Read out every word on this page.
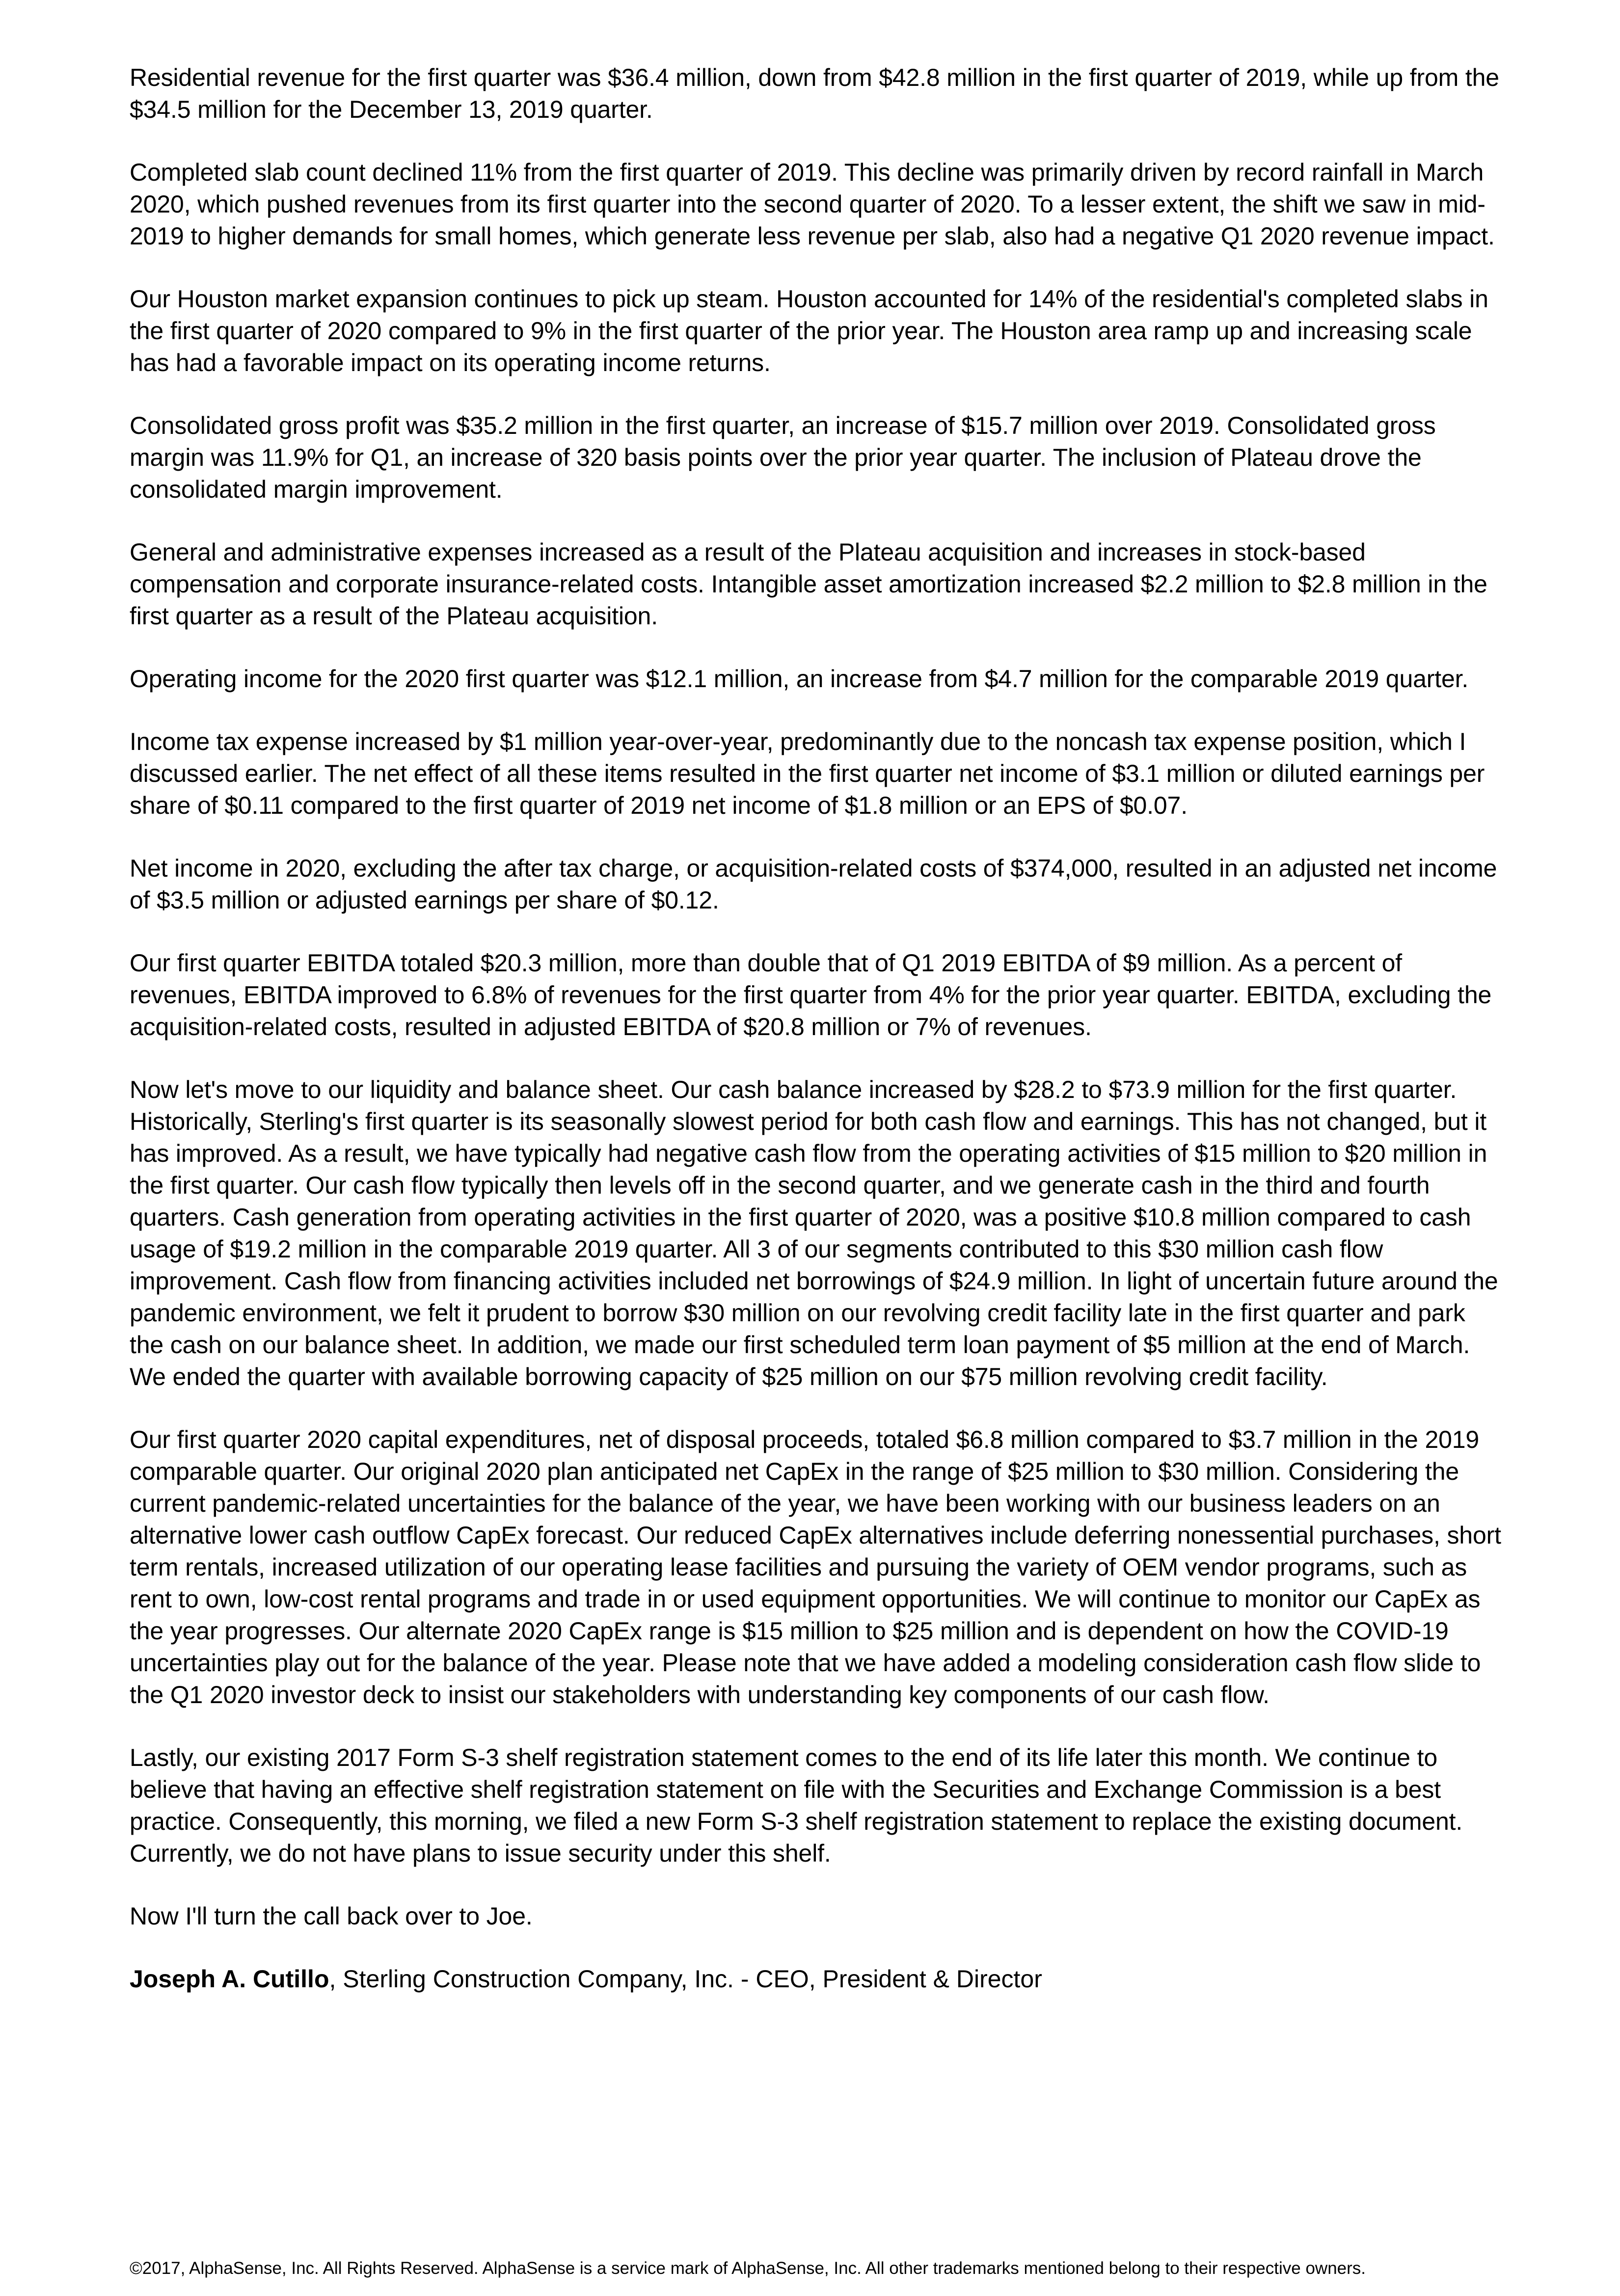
Residential revenue for the first quarter was $36.4 million, down from $42.8 million in the first quarter of 2019, while up from the $34.5 million for the December 13, 2019 quarter.

Completed slab count declined 11% from the first quarter of 2019. This decline was primarily driven by record rainfall in March 2020, which pushed revenues from its first quarter into the second quarter of 2020. To a lesser extent, the shift we saw in mid-2019 to higher demands for small homes, which generate less revenue per slab, also had a negative Q1 2020 revenue impact.

Our Houston market expansion continues to pick up steam. Houston accounted for 14% of the residential's completed slabs in the first quarter of 2020 compared to 9% in the first quarter of the prior year. The Houston area ramp up and increasing scale has had a favorable impact on its operating income returns.

Consolidated gross profit was $35.2 million in the first quarter, an increase of $15.7 million over 2019. Consolidated gross margin was 11.9% for Q1, an increase of 320 basis points over the prior year quarter. The inclusion of Plateau drove the consolidated margin improvement.

General and administrative expenses increased as a result of the Plateau acquisition and increases in stock-based compensation and corporate insurance-related costs. Intangible asset amortization increased $2.2 million to $2.8 million in the first quarter as a result of the Plateau acquisition.

Operating income for the 2020 first quarter was $12.1 million, an increase from $4.7 million for the comparable 2019 quarter.

Income tax expense increased by $1 million year-over-year, predominantly due to the noncash tax expense position, which I discussed earlier. The net effect of all these items resulted in the first quarter net income of $3.1 million or diluted earnings per share of $0.11 compared to the first quarter of 2019 net income of $1.8 million or an EPS of $0.07.

Net income in 2020, excluding the after tax charge, or acquisition-related costs of $374,000, resulted in an adjusted net income of $3.5 million or adjusted earnings per share of $0.12.

Our first quarter EBITDA totaled $20.3 million, more than double that of Q1 2019 EBITDA of $9 million. As a percent of revenues, EBITDA improved to 6.8% of revenues for the first quarter from 4% for the prior year quarter. EBITDA, excluding the acquisition-related costs, resulted in adjusted EBITDA of $20.8 million or 7% of revenues.

Now let's move to our liquidity and balance sheet. Our cash balance increased by $28.2 to $73.9 million for the first quarter. Historically, Sterling's first quarter is its seasonally slowest period for both cash flow and earnings. This has not changed, but it has improved. As a result, we have typically had negative cash flow from the operating activities of $15 million to $20 million in the first quarter. Our cash flow typically then levels off in the second quarter, and we generate cash in the third and fourth quarters. Cash generation from operating activities in the first quarter of 2020, was a positive $10.8 million compared to cash usage of $19.2 million in the comparable 2019 quarter. All 3 of our segments contributed to this $30 million cash flow improvement. Cash flow from financing activities included net borrowings of $24.9 million. In light of uncertain future around the pandemic environment, we felt it prudent to borrow $30 million on our revolving credit facility late in the first quarter and park the cash on our balance sheet. In addition, we made our first scheduled term loan payment of $5 million at the end of March. We ended the quarter with available borrowing capacity of $25 million on our $75 million revolving credit facility.

Our first quarter 2020 capital expenditures, net of disposal proceeds, totaled $6.8 million compared to $3.7 million in the 2019 comparable quarter. Our original 2020 plan anticipated net CapEx in the range of $25 million to $30 million. Considering the current pandemic-related uncertainties for the balance of the year, we have been working with our business leaders on an alternative lower cash outflow CapEx forecast. Our reduced CapEx alternatives include deferring nonessential purchases, short term rentals, increased utilization of our operating lease facilities and pursuing the variety of OEM vendor programs, such as rent to own, low-cost rental programs and trade in or used equipment opportunities. We will continue to monitor our CapEx as the year progresses. Our alternate 2020 CapEx range is $15 million to $25 million and is dependent on how the COVID-19 uncertainties play out for the balance of the year. Please note that we have added a modeling consideration cash flow slide to the Q1 2020 investor deck to insist our stakeholders with understanding key components of our cash flow.

Lastly, our existing 2017 Form S-3 shelf registration statement comes to the end of its life later this month. We continue to believe that having an effective shelf registration statement on file with the Securities and Exchange Commission is a best practice. Consequently, this morning, we filed a new Form S-3 shelf registration statement to replace the existing document. Currently, we do not have plans to issue security under this shelf.

Now I'll turn the call back over to Joe.

Joseph A. Cutillo, Sterling Construction Company, Inc. - CEO, President & Director

©2017, AlphaSense, Inc. All Rights Reserved. AlphaSense is a service mark of AlphaSense, Inc. All other trademarks mentioned belong to their respective owners.
